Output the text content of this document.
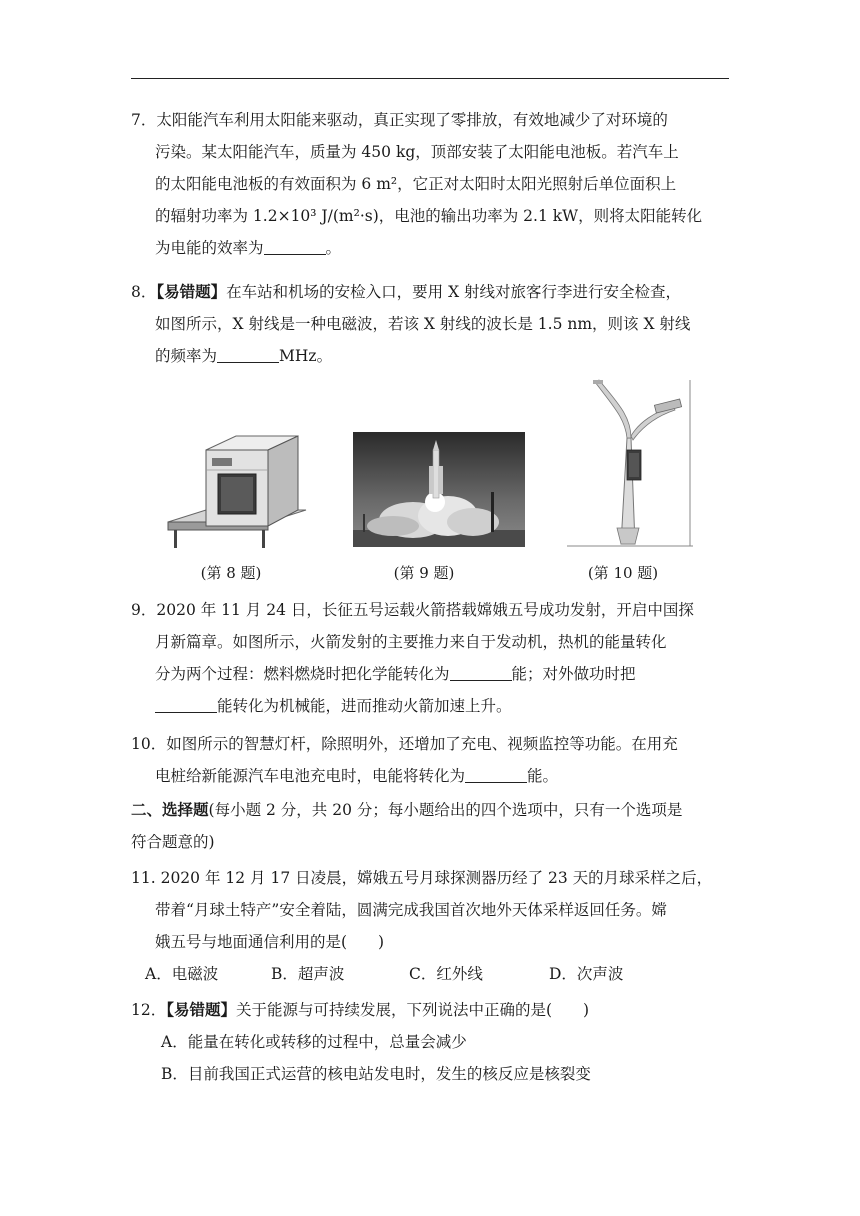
7．太阳能汽车利用太阳能来驱动，真正实现了零排放，有效地减少了对环境的
污染。某太阳能汽车，质量为 450 kg，顶部安装了太阳能电池板。若汽车上
的太阳能电池板的有效面积为 6 m²，它正对太阳时太阳光照射后单位面积上
的辐射功率为 1.2×10³ J/(m²·s)，电池的输出功率为 2.1 kW，则将太阳能转化
为电能的效率为	。
8．【易错题】在车站和机场的安检入口，要用 X 射线对旅客行李进行安全检查，
如图所示，X 射线是一种电磁波，若该 X 射线的波长是 1.5 nm，则该 X 射线
的频率为	MHz。
(第 8 题)	(第 9 题)	(第 10 题)
9．2020 年 11 月 24 日，长征五号运载火箭搭载嫦娥五号成功发射，开启中国探
月新篇章。如图所示，火箭发射的主要推力来自于发动机，热机的能量转化
分为两个过程：燃料燃烧时把化学能转化为	能；对外做功时把
能转化为机械能，进而推动火箭加速上升。
10．如图所示的智慧灯杆，除照明外，还增加了充电、视频监控等功能。在用充
电桩给新能源汽车电池充电时，电能将转化为	能。
二、选择题(每小题 2 分，共 20 分；每小题给出的四个选项中，只有一个选项是
符合题意的)
11. 2020 年 12 月 17 日凌晨，嫦娥五号月球探测器历经了 23 天的月球采样之后，
带着“月球土特产”安全着陆，圆满完成我国首次地外天体采样返回任务。嫦
娥五号与地面通信利用的是(　　)
A．电磁波	B．超声波	C．红外线	D．次声波
12．【易错题】关于能源与可持续发展，下列说法中正确的是(　　)
A．能量在转化或转移的过程中，总量会减少
B．目前我国正式运营的核电站发电时，发生的核反应是核裂变
